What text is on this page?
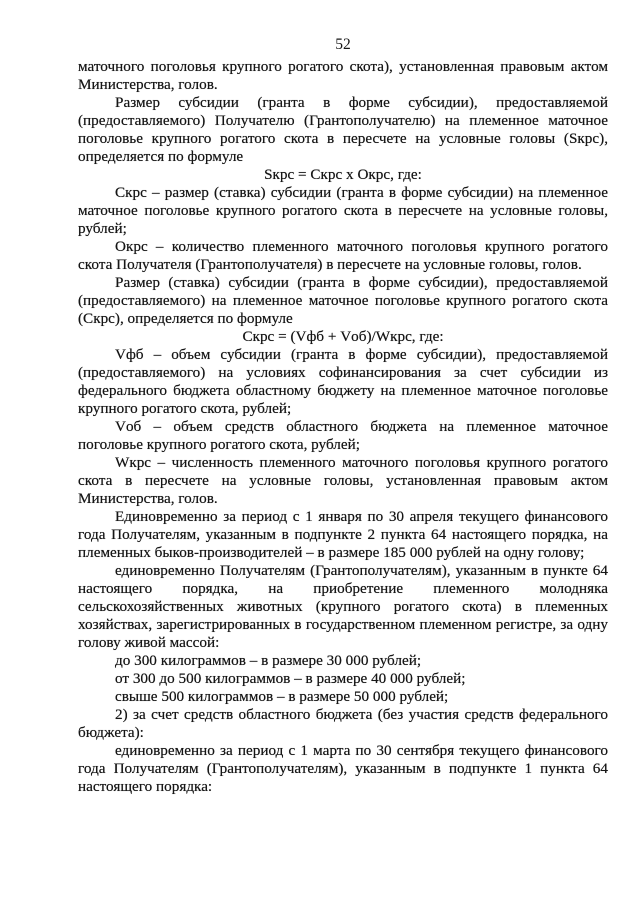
52

маточного поголовья крупного рогатого скота), установленная правовым актом Министерства, голов.

Размер субсидии (гранта в форме субсидии), предоставляемой (предоставляемого) Получателю (Грантополучателю) на племенное маточное поголовье крупного рогатого скота в пересчете на условные головы (Sкрс), определяется по формуле

Sкрс = Скрс х Окрс, где:

Скрс – размер (ставка) субсидии (гранта в форме субсидии) на племенное маточное поголовье крупного рогатого скота в пересчете на условные головы, рублей;

Окрс – количество племенного маточного поголовья крупного рогатого скота Получателя (Грантополучателя) в пересчете на условные головы, голов.

Размер (ставка) субсидии (гранта в форме субсидии), предоставляемой (предоставляемого) на племенное маточное поголовье крупного рогатого скота (Скрс), определяется по формуле

Скрс = (Vфб + Vоб)/Wкрс, где:

Vфб – объем субсидии (гранта в форме субсидии), предоставляемой (предоставляемого) на условиях софинансирования за счет субсидии из федерального бюджета областному бюджету на племенное маточное поголовье крупного рогатого скота, рублей;

Vоб – объем средств областного бюджета на племенное маточное поголовье крупного рогатого скота, рублей;

Wкрс – численность племенного маточного поголовья крупного рогатого скота в пересчете на условные головы, установленная правовым актом Министерства, голов.

Единовременно за период с 1 января по 30 апреля текущего финансового года Получателям, указанным в подпункте 2 пункта 64 настоящего порядка, на племенных быков-производителей – в размере 185 000 рублей на одну голову;

единовременно Получателям (Грантополучателям), указанным в пункте 64 настоящего порядка, на приобретение племенного молодняка сельскохозяйственных животных (крупного рогатого скота) в племенных хозяйствах, зарегистрированных в государственном племенном регистре, за одну голову живой массой:

до 300 килограммов – в размере 30 000 рублей;

от 300 до 500 килограммов – в размере 40 000 рублей;

свыше 500 килограммов – в размере 50 000 рублей;

2) за счет средств областного бюджета (без участия средств федерального бюджета):

единовременно за период с 1 марта по 30 сентября текущего финансового года Получателям (Грантополучателям), указанным в подпункте 1 пункта 64 настоящего порядка:
